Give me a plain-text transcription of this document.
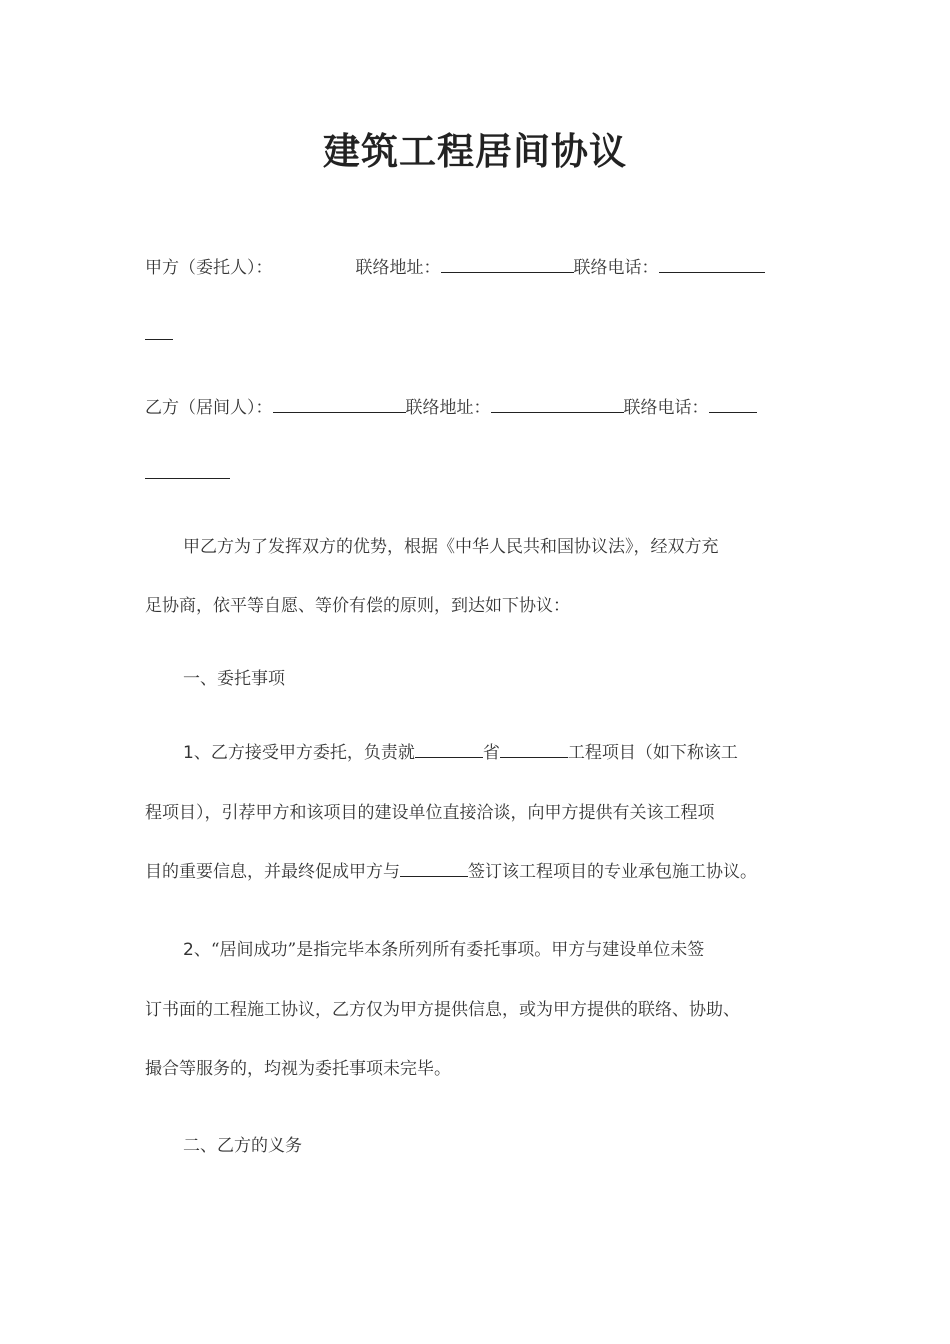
建筑工程居间协议
甲方（委托人）：	联络地址：	联络电话：
乙方（居间人）：	联络地址：	联络电话：
甲乙方为了发挥双方的优势，根据《中华人民共和国协议法》，经双方充
足协商，依平等自愿、等价有偿的原则，到达如下协议：
一、委托事项
1、乙方接受甲方委托，负责就	省	工程项目（如下称该工
程项目），引荐甲方和该项目的建设单位直接洽谈，向甲方提供有关该工程项
目的重要信息，并最终促成甲方与	签订该工程项目的专业承包施工协议。
2、“居间成功”是指完毕本条所列所有委托事项。甲方与建设单位未签
订书面的工程施工协议，乙方仅为甲方提供信息，或为甲方提供的联络、协助、
撮合等服务的，均视为委托事项未完毕。
二、乙方的义务
